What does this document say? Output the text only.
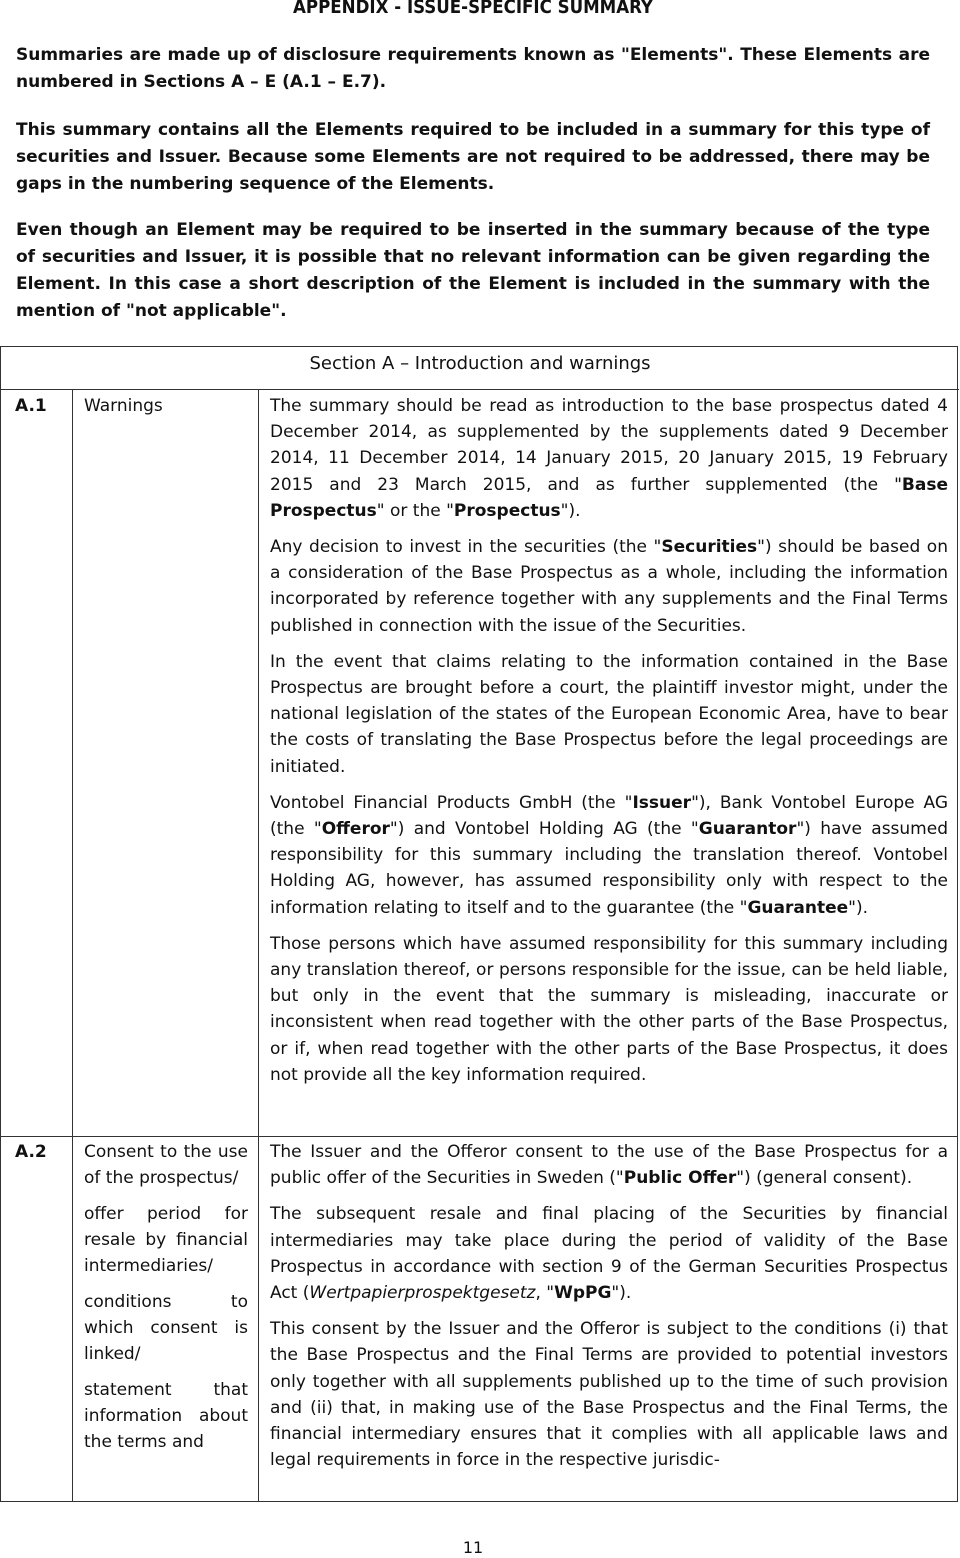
APPENDIX - ISSUE-SPECIFIC SUMMARY

Summaries are made up of disclosure requirements known as "Elements". These Elements are numbered in Sections A – E (A.1 – E.7).

This summary contains all the Elements required to be included in a summary for this type of securities and Issuer. Because some Elements are not required to be addressed, there may be gaps in the numbering sequence of the Elements.

Even though an Element may be required to be inserted in the summary because of the type of securities and Issuer, it is possible that no relevant information can be given regarding the Element. In this case a short description of the Element is included in the summary with the mention of "not applicable".

Section A – Introduction and warnings
A.1 Warnings	The summary should be read as introduction to the base prospectus dated 4 December 2014, as supplemented by the supplements dated 9 December 2014, 11 December 2014, 14 January 2015, 20 January 2015, 19 February 2015 and 23 March 2015, and as further supplemented (the "Base Prospectus" or the "Prospectus").

Any decision to invest in the securities (the "Securities") should be based on a consideration of the Base Prospectus as a whole, including the information incorporated by reference together with any supplements and the Final Terms published in connection with the issue of the Securities.

In the event that claims relating to the information contained in the Base Prospectus are brought before a court, the plaintiff investor might, under the national legislation of the states of the European Economic Area, have to bear the costs of translating the Base Prospectus before the legal proceedings are initiated.

Vontobel Financial Products GmbH (the "Issuer"), Bank Vontobel Europe AG (the "Offeror") and Vontobel Holding AG (the "Guarantor") have assumed responsibility for this summary including the translation thereof. Vontobel Holding AG, however, has assumed responsibility only with respect to the information relating to itself and to the guarantee (the "Guarantee").

Those persons which have assumed responsibility for this summary including any translation thereof, or persons responsible for the issue, can be held liable, but only in the event that the summary is misleading, inaccurate or inconsistent when read together with the other parts of the Base Prospectus, or if, when read together with the other parts of the Base Prospectus, it does not provide all the key information required.

A.2 Consent to the use of the prospectus/

offer period for resale by financial intermediaries/

conditions to which consent is linked/

statement that information about the terms and

The Issuer and the Offeror consent to the use of the Base Prospectus for a public offer of the Securities in Sweden ("Public Offer") (general consent).

The subsequent resale and final placing of the Securities by financial intermediaries may take place during the period of validity of the Base Prospectus in accordance with section 9 of the German Securities Prospectus Act (Wertpapierprospektgesetz, "WpPG").

This consent by the Issuer and the Offeror is subject to the conditions (i) that the Base Prospectus and the Final Terms are provided to potential investors only together with all supplements published up to the time of such provision and (ii) that, in making use of the Base Prospectus and the Final Terms, the financial intermediary ensures that it complies with all applicable laws and legal requirements in force in the respective jurisdic-

11
